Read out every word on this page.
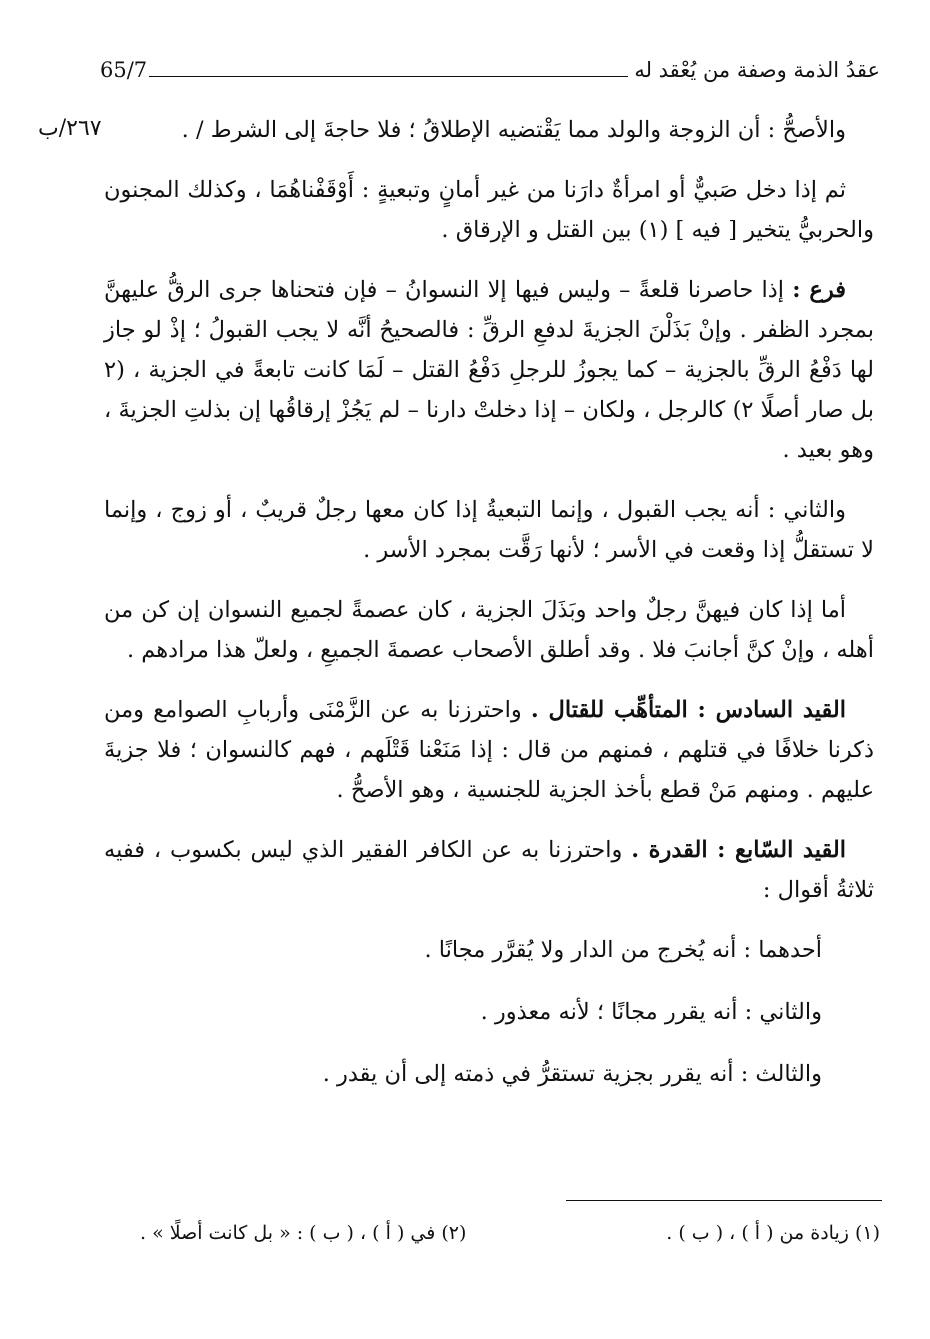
عقدُ الذمة وصفة من يُعْقد له
65/7
٢٦٧/ب	والأصحُّ : أن الزوجة والولد مما يَقْتضيه الإطلاقُ ؛ فلا حاجةَ إلى الشرط / .

ثم إذا دخل صَبيٌّ أو امرأةٌ دارَنا من غير أمانٍ وتبعيةٍ : أَوْقَفْناهُمَا ، وكذلك المجنون والحربيُّ يتخير [ فيه ] (١) بين القتل و الإرقاق .

فرع : إذا حاصرنا قلعةً – وليس فيها إلا النسوانُ – فإن فتحناها جرى الرقُّ عليهنَّ بمجرد الظفر . وإنْ بَذَلْنَ الجزيةَ لدفعِ الرقِّ : فالصحيحُ أنَّه لا يجب القبولُ ؛ إذْ لو جاز لها دَفْعُ الرقِّ بالجزية – كما يجوزُ للرجلِ دَفْعُ القتل – لَمَا كانت تابعةً في الجزية ، (٢ بل صار أصلًا ٢) كالرجل ، ولكان – إذا دخلتْ دارنا – لم يَجُزْ إرقاقُها إن بذلتِ الجزيةَ ، وهو بعيد .

والثاني : أنه يجب القبول ، وإنما التبعيةُ إذا كان معها رجلٌ قريبٌ ، أو زوج ، وإنما لا تستقلُّ إذا وقعت في الأسر ؛ لأنها رَقَّت بمجرد الأسر .

أما إذا كان فيهنَّ رجلٌ واحد وبَذَلَ الجزية ، كان عصمةً لجميع النسوان إن كن من أهله ، وإنْ كنَّ أجانبَ فلا . وقد أطلق الأصحاب عصمةَ الجميعِ ، ولعلّ هذا مرادهم .

القيد السادس : المتأهِّب للقتال . واحترزنا به عن الزَّمْنَى وأربابِ الصوامع ومن ذكرنا خلافًا في قتلهم ، فمنهم من قال : إذا مَنَعْنا قَتْلَهم ، فهم كالنسوان ؛ فلا جزيةَ عليهم . ومنهم مَنْ قطع بأخذ الجزية للجنسية ، وهو الأصحُّ .

القيد السّابع : القدرة . واحترزنا به عن الكافر الفقير الذي ليس بكسوب ، ففيه ثلاثةُ أقوال :

أحدهما : أنه يُخرج من الدار ولا يُقرَّر مجانًا .

والثاني : أنه يقرر مجانًا ؛ لأنه معذور .

والثالث : أنه يقرر بجزية تستقرُّ في ذمته إلى أن يقدر .

(١) زيادة من ( أ ) ، ( ب ) .
(٢) في ( أ ) ، ( ب ) : « بل كانت أصلًا » .
